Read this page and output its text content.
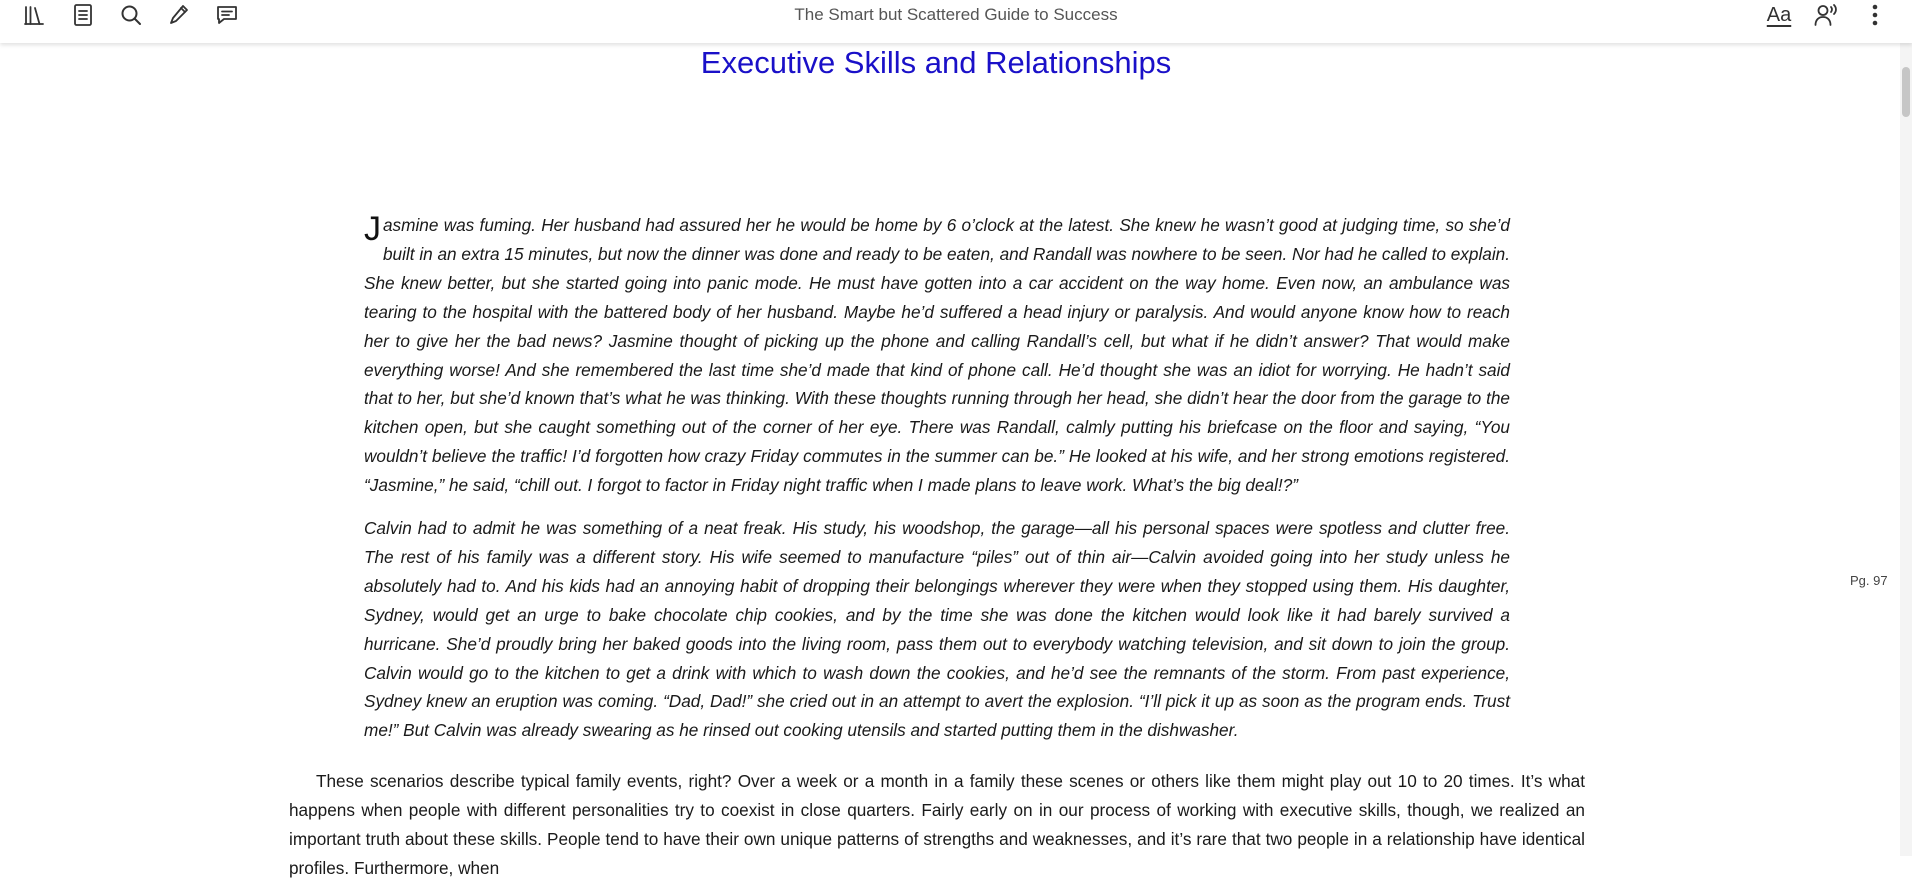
The Smart but Scattered Guide to Success	Aa
Executive Skills and Relationships

Jasmine was fuming. Her husband had assured her he would be home by 6 o’clock at the latest. She knew he wasn’t good at judging time, so she’d built in an extra 15 minutes, but now the dinner was done and ready to be eaten, and Randall was nowhere to be seen. Nor had he called to explain. She knew better, but she started going into panic mode. He must have gotten into a car accident on the way home. Even now, an ambulance was tearing to the hospital with the battered body of her husband. Maybe he’d suffered a head injury or paralysis. And would anyone know how to reach her to give her the bad news? Jasmine thought of picking up the phone and calling Randall’s cell, but what if he didn’t answer? That would make everything worse! And she remembered the last time she’d made that kind of phone call. He’d thought she was an idiot for worrying. He hadn’t said that to her, but she’d known that’s what he was thinking. With these thoughts running through her head, she didn’t hear the door from the garage to the kitchen open, but she caught something out of the corner of her eye. There was Randall, calmly putting his briefcase on the floor and saying, “You wouldn’t believe the traffic! I’d forgotten how crazy Friday commutes in the summer can be.” He looked at his wife, and her strong emotions registered. “Jasmine,” he said, “chill out. I forgot to factor in Friday night traffic when I made plans to leave work. What’s the big deal!?”

Calvin had to admit he was something of a neat freak. His study, his woodshop, the garage—all his personal spaces were spotless and clutter free. The rest of his family was a different story. His wife seemed to manufacture “piles” out of thin air—Calvin avoided going into her study unless he absolutely had to. And his kids had an annoying habit of dropping their belongings wherever they were when they stopped using them. His daughter, Sydney, would get an urge to bake chocolate chip cookies, and by the time she was done the kitchen would look like it had barely survived a hurricane. She’d proudly bring her baked goods into the living room, pass them out to everybody watching television, and sit down to join the group. Calvin would go to the kitchen to get a drink with which to wash down the cookies, and he’d see the remnants of the storm. From past experience, Sydney knew an eruption was coming. “Dad, Dad!” she cried out in an attempt to avert the explosion. “I’ll pick it up as soon as the program ends. Trust me!” But Calvin was already swearing as he rinsed out cooking utensils and started putting them in the dishwasher.

These scenarios describe typical family events, right? Over a week or a month in a family these scenes or others like them might play out 10 to 20 times. It’s what happens when people with different personalities try to coexist in close quarters. Fairly early on in our process of working with executive skills, though, we realized an important truth about these skills. People tend to have their own unique patterns of strengths and weaknesses, and it’s rare that two people in a relationship have identical profiles. Furthermore, when

Pg. 97
